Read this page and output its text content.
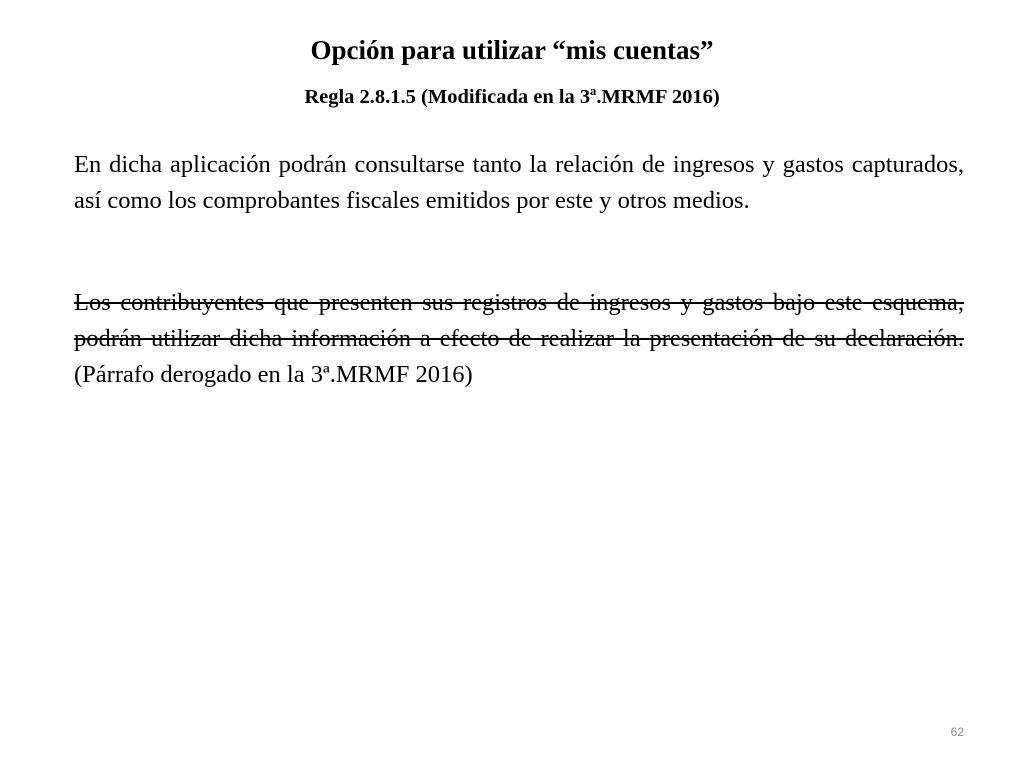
Opción para utilizar “mis cuentas”
Regla 2.8.1.5 (Modificada en la 3ª.MRMF 2016)

En dicha aplicación podrán consultarse tanto la relación de ingresos y gastos capturados, así como los comprobantes fiscales emitidos por este y otros medios.

Los contribuyentes que presenten sus registros de ingresos y gastos bajo este esquema, podrán utilizar dicha información a efecto de realizar la presentación de su declaración. (Párrafo derogado en la 3ª.MRMF 2016)

62
